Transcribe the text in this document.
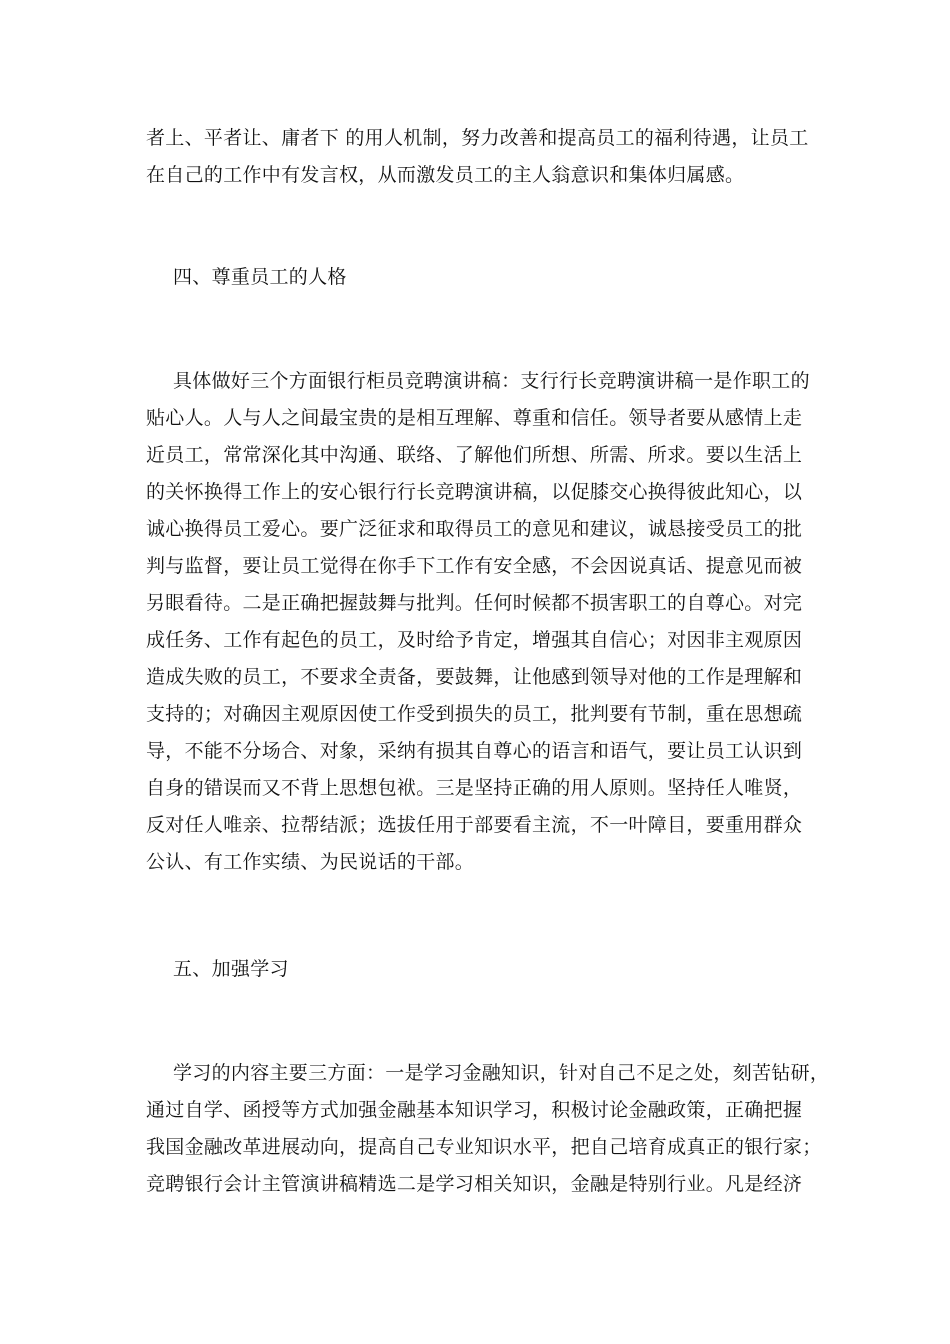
者上、平者让、庸者下 的用人机制，努力改善和提高员工的福利待遇，让员工
在自己的工作中有发言权，从而激发员工的主人翁意识和集体归属感。
四、尊重员工的人格
具体做好三个方面银行柜员竞聘演讲稿：支行行长竞聘演讲稿一是作职工的
贴心人。人与人之间最宝贵的是相互理解、尊重和信任。领导者要从感情上走
近员工，常常深化其中沟通、联络、了解他们所想、所需、所求。要以生活上
的关怀换得工作上的安心银行行长竞聘演讲稿，以促膝交心换得彼此知心，以
诚心换得员工爱心。要广泛征求和取得员工的意见和建议，诚恳接受员工的批
判与监督，要让员工觉得在你手下工作有安全感，不会因说真话、提意见而被
另眼看待。二是正确把握鼓舞与批判。任何时候都不损害职工的自尊心。对完
成任务、工作有起色的员工，及时给予肯定，增强其自信心；对因非主观原因
造成失败的员工，不要求全责备，要鼓舞，让他感到领导对他的工作是理解和
支持的；对确因主观原因使工作受到损失的员工，批判要有节制，重在思想疏
导，不能不分场合、对象，采纳有损其自尊心的语言和语气，要让员工认识到
自身的错误而又不背上思想包袱。三是坚持正确的用人原则。坚持任人唯贤，
反对任人唯亲、拉帮结派；选拔任用于部要看主流，不一叶障目，要重用群众
公认、有工作实绩、为民说话的干部。
五、加强学习
学习的内容主要三方面：一是学习金融知识，针对自己不足之处，刻苦钻研，
通过自学、函授等方式加强金融基本知识学习，积极讨论金融政策，正确把握
我国金融改革进展动向，提高自己专业知识水平，把自己培育成真正的银行家；
竞聘银行会计主管演讲稿精选二是学习相关知识，金融是特别行业。凡是经济
